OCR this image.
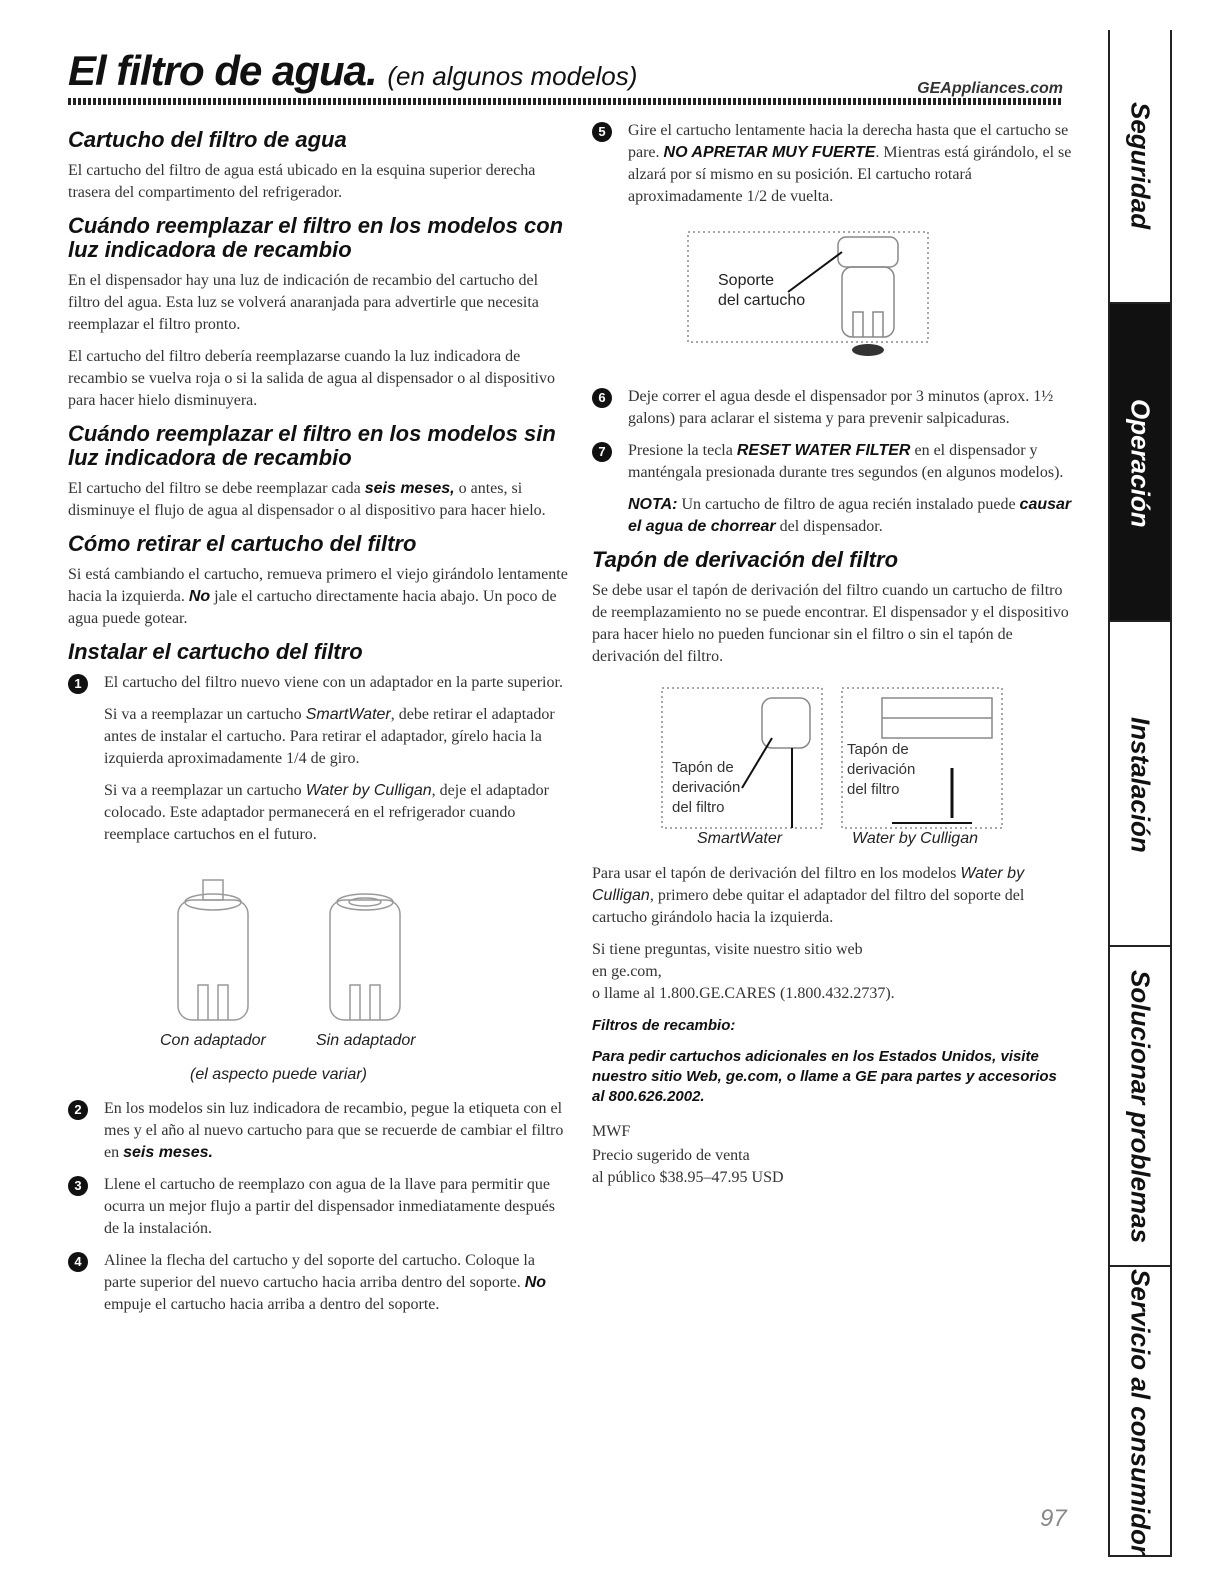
El filtro de agua. (en algunos modelos)	GEAppliances.com
Cartucho del filtro de agua

El cartucho del filtro de agua está ubicado en la esquina superior derecha trasera del compartimento del refrigerador.

Cuándo reemplazar el filtro en los modelos con luz indicadora de recambio

En el dispensador hay una luz de indicación de recambio del cartucho del filtro del agua. Esta luz se volverá anaranjada para advertirle que necesita reemplazar el filtro pronto.

El cartucho del filtro debería reemplazarse cuando la luz indicadora de recambio se vuelva roja o si la salida de agua al dispensador o al dispositivo para hacer hielo disminuyera.

Cuándo reemplazar el filtro en los modelos sin luz indicadora de recambio

El cartucho del filtro se debe reemplazar cada seis meses, o antes, si disminuye el flujo de agua al dispensador o al dispositivo para hacer hielo.

Cómo retirar el cartucho del filtro

Si está cambiando el cartucho, remueva primero el viejo girándolo lentamente hacia la izquierda. No jale el cartucho directamente hacia abajo. Un poco de agua puede gotear.

Instalar el cartucho del filtro
1	El cartucho del filtro nuevo viene con un adaptador en la parte superior.

Si va a reemplazar un cartucho SmartWater, debe retirar el adaptador antes de instalar el cartucho. Para retirar el adaptador, gírelo hacia la izquierda aproximadamente 1/4 de giro.

Si va a reemplazar un cartucho Water by Culligan, deje el adaptador colocado. Este adaptador permanecerá en el refrigerador cuando reemplace cartuchos en el futuro.

Con adaptador	Sin adaptador
(el aspecto puede variar)
2	En los modelos sin luz indicadora de recambio, pegue la etiqueta con el mes y el año al nuevo cartucho para que se recuerde de cambiar el filtro en seis meses.

3	Llene el cartucho de reemplazo con agua de la llave para permitir que ocurra un mejor flujo a partir del dispensador inmediatamente después de la instalación.

4	Alinee la flecha del cartucho y del soporte del cartucho. Coloque la parte superior del nuevo cartucho hacia arriba dentro del soporte. No empuje el cartucho hacia arriba a dentro del soporte.

5	Gire el cartucho lentamente hacia la derecha hasta que el cartucho se pare. NO APRETAR MUY FUERTE. Mientras está girándolo, el se alzará por sí mismo en su posición. El cartucho rotará aproximadamente 1/2 de vuelta.

Soporte
del cartucho
6	Deje correr el agua desde el dispensador por 3 minutos (aprox. 1½ galons) para aclarar el sistema y para prevenir salpicaduras.

7	Presione la tecla RESET WATER FILTER en el dispensador y manténgala presionada durante tres segundos (en algunos modelos).

NOTA: Un cartucho de filtro de agua recién instalado puede causar el agua de chorrear del dispensador.

Tapón de derivación del filtro

Se debe usar el tapón de derivación del filtro cuando un cartucho de filtro de reemplazamiento no se puede encontrar. El dispensador y el dispositivo para hacer hielo no pueden funcionar sin el filtro o sin el tapón de derivación del filtro.

Tapón de
derivación
del filtro
Tapón de
derivación
del filtro
SmartWater	Water by Culligan

Para usar el tapón de derivación del filtro en los modelos Water by Culligan, primero debe quitar el adaptador del filtro del soporte del cartucho girándolo hacia la izquierda.

Si tiene preguntas, visite nuestro sitio web
en ge.com,
o llame al 1.800.GE.CARES (1.800.432.2737).

Filtros de recambio:

Para pedir cartuchos adicionales en los Estados Unidos, visite nuestro sitio Web, ge.com, o llame a GE para partes y accesorios al 800.626.2002.

MWF

Precio sugerido de venta

al público $38.95–47.95 USD

Seguridad
Operación
Instalación
Solucionar problemas
Servicio al consumidor
97
